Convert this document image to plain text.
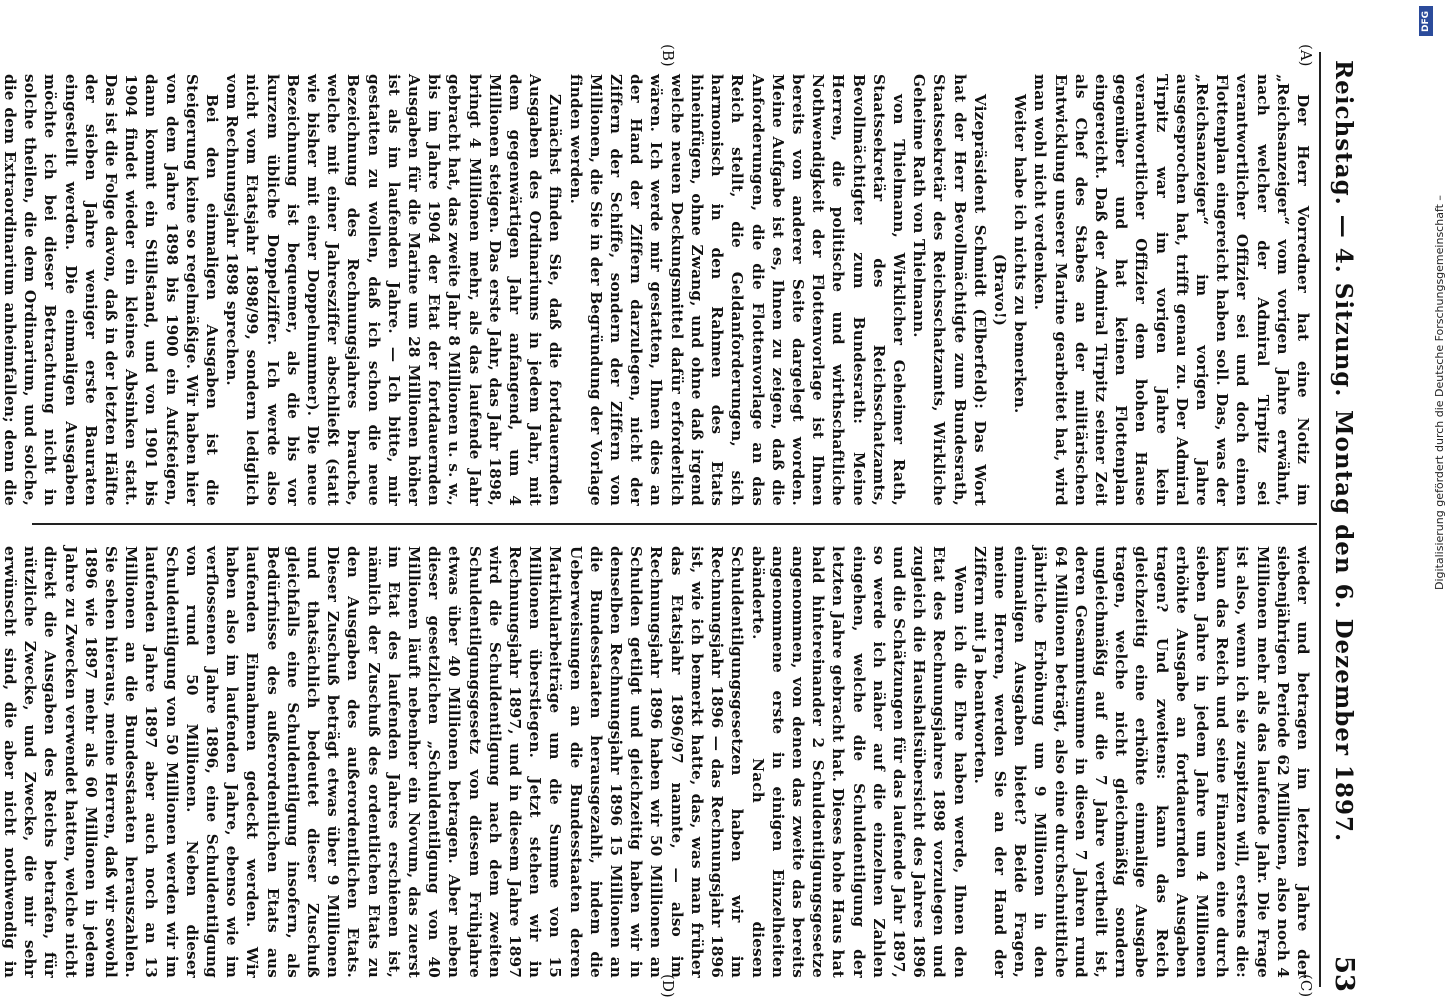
Reichstag. — 4. Sitzung.
Montag den 6. Dezember 1897.
53
(A)
(B)
(C)
(D)

Der Herr Vorredner hat eine Notiz im „Reichsanzeiger“ vom vorigen Jahre erwähnt, nach welcher der Admiral Tirpitz sei verantwortlicher Offizier sei und doch einen Flottenplan eingereicht haben soll. Das, was der „Reichsanzeiger“ im vorigen Jahre ausgesprochen hat, trifft genau zu. Der Admiral Tirpitz war im vorigen Jahre kein verantwortlicher Offizier dem hohen Hause gegenüber und hat keinen Flottenplan eingereicht. Daß der Admiral Tirpitz seiner Zeit als Chef des Stabes an der militärischen Entwicklung unserer Marine gearbeitet hat, wird man wohl nicht verdenken.

Weiter habe ich nichts zu bemerken.

(Bravo!)

Vizepräsident Schmidt (Elberfeld): Das Wort hat der Herr Bevollmächtigte zum Bundesrath, Staatssekretär des Reichsschatzamts, Wirkliche Geheime Rath von Thielmann.

von Thielmann, Wirklicher Geheimer Rath, Staatssekretär des Reichsschatzamts, Bevollmächtigter zum Bundesrath: Meine Herren, die politische und wirthschaftliche Nothwendigkeit der Flottenvorlage ist Ihnen bereits von anderer Seite dargelegt worden. Meine Aufgabe ist es, Ihnen zu zeigen, daß die Anforderungen, die die Flottenvorlage an das Reich stellt, die Geldanforderungen, sich harmonisch in den Rahmen des Etats hineinfügen, ohne Zwang, und ohne daß irgend welche neuen Deckungsmittel dafür erforderlich wären. Ich werde mir gestatten, Ihnen dies an der Hand der Ziffern darzulegen, nicht der Ziffern der Schiffe, sondern der Ziffern von Millionen, die Sie in der Begründung der Vorlage finden werden.

Zunächst finden Sie, daß die fortdauernden Ausgaben des Ordinariums in jedem Jahr, mit dem gegenwärtigen Jahr anfangend, um 4 Millionen steigen. Das erste Jahr, das Jahr 1898, bringt 4 Millionen mehr, als das laufende Jahr gebracht hat, das zweite Jahr 8 Millionen u. s. w., bis im Jahre 1904 der Etat der fortdauernden Ausgaben für die Marine um 28 Millionen höher ist als im laufenden Jahre. — Ich bitte, mir gestatten zu wollen, daß ich schon die neue Bezeichnung des Rechnungsjahres brauche, welche mit einer Jahresziffer abschließt (statt wie bisher mit einer Doppelnummer). Die neue Bezeichnung ist bequemer, als die bis vor kurzem übliche Doppelziffer. Ich werde also nicht vom Etatsjahr 1898/99, sondern lediglich vom Rechnungsjahr 1898 sprechen.

Bei den einmaligen Ausgaben ist die Steigerung keine so regelmäßige. Wir haben hier von dem Jahre 1898 bis 1900 ein Aufsteigen, dann kommt ein Stillstand, und von 1901 bis 1904 findet wieder ein kleines Absinken statt. Das ist die Folge davon, daß in der letzten Hälfte der sieben Jahre weniger erste Bauraten eingestellt werden. Die einmaligen Ausgaben möchte ich bei dieser Betrachtung nicht in solche theilen, die dem Ordinarium, und solche, die dem Extraordinarium anheimfallen; denn die

wieder und betragen im letzten Jahre der siebenjährigen Periode 62 Millionen, also noch 4 Millionen mehr als das laufende Jahr. Die Frage ist also, wenn ich sie zuspitzen will, erstens die: kann das Reich und seine Finanzen eine durch sieben Jahre in jedem Jahre um 4 Millionen erhöhte Ausgabe an fortdauernden Ausgaben tragen? Und zweitens: kann das Reich gleichzeitig eine erhöhte einmalige Ausgabe tragen, welche nicht gleichmäßig sondern ungleichmäßig auf die 7 Jahre vertheilt ist, deren Gesammtsumme in diesen 7 Jahren rund 64 Millionen beträgt, also eine durchschnittliche jährliche Erhöhung um 9 Millionen in den einmaligen Ausgaben bietet? Beide Fragen, meine Herren, werden Sie an der Hand der Ziffern mit Ja beantworten.

Wenn ich die Ehre haben werde, Ihnen den Etat des Rechnungsjahres 1898 vorzulegen und zugleich die Haushaltsübersicht des Jahres 1896 und die Schätzungen für das laufende Jahr 1897, so werde ich näher auf die einzelnen Zahlen eingehen, welche die Schuldentilgung der letzten Jahre gebracht hat. Dieses hohe Haus hat bald hintereinander 2 Schuldentilgungsgesetze angenommen, von denen das zweite das bereits angenommene erste in einigen Einzelheiten abänderte. Nach diesen Schuldentilgungsgesetzen haben wir im Rechnungsjahr 1896 — das Rechnungsjahr 1896 ist, wie ich bemerkt hatte, das, was man früher das Etatsjahr 1896/97 nannte, — also im Rechnungsjahr 1896 haben wir 50 Millionen an Schulden getilgt und gleichzeitig haben wir in denselben Rechnungsjahr 1896 15 Millionen an die Bundesstaaten herausgezahlt, indem die Ueberweisungen an die Bundesstaaten deren Matrikularbeiträge um die Summe von 15 Millionen überstiegen. Jetzt stehen wir in Rechnungsjahr 1897, und in diesem Jahre 1897 wird die Schuldentilgung nach dem zweiten Schuldentilgungsgesetz von diesem Frühjahre etwas über 40 Millionen betragen. Aber neben dieser gesetzlichen „Schuldentilgung von 40 Millionen läuft nebenher ein Novum, das zuerst im Etat des laufenden Jahres erschienen ist, nämlich der Zuschuß des ordentlichen Etats zu den Ausgaben des außerordentlichen Etats. Dieser Zuschuß beträgt etwas über 9 Millionen und thatsächlich bedeutet dieser Zuschuß gleichfalls eine Schuldentilgung insofern, als Bedürfnisse des außerordentlichen Etats aus laufenden Einnahmen gedeckt werden. Wir haben also im laufenden Jahre, ebenso wie im verflossenen Jahre 1896, eine Schuldentilgung von rund 50 Millionen. Neben dieser Schuldentilgung von 50 Millionen werden wir im laufenden Jahre 1897 aber auch noch an 13 Millionen an die Bundesstaaten herauszahlen. Sie sehen hieraus, meine Herren, daß wir sowohl 1896 wie 1897 mehr als 60 Millionen in jedem Jahre zu Zwecken verwendet hatten, welche nicht direkt die Ausgaben des Reichs betrafen, für nützliche Zwecke, und Zwecke, die mir sehr erwünscht sind, die aber nicht nothwendig in

Digitalisierung gefördert durch die Deutsche Forschungsgemeinschaft –
DFG
